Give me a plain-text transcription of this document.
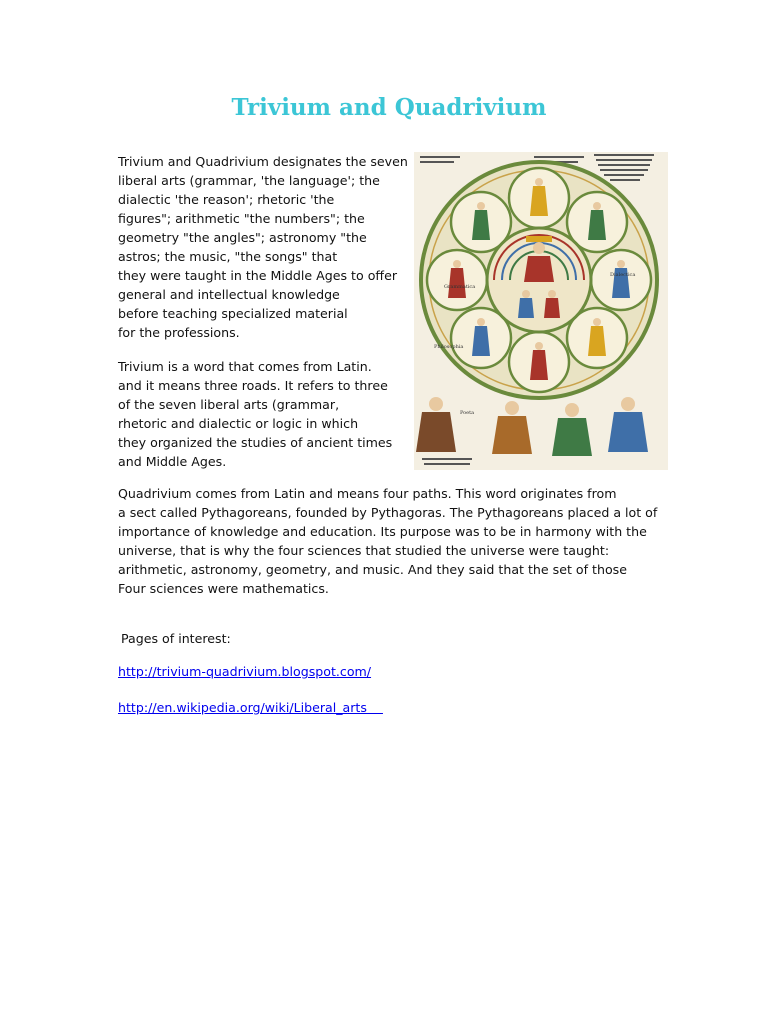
Trivium and Quadrivium
Trivium and Quadrivium designates the seven
liberal arts (grammar, 'the language'; the
dialectic 'the reason'; rhetoric 'the
figures"; arithmetic "the numbers"; the
geometry "the angles"; astronomy "the
astros; the music, "the songs" that
they were taught in the Middle Ages to offer
general and intellectual knowledge
before teaching specialized material
for the professions.
Trivium is a word that comes from Latin.
and it means three roads. It refers to three
of the seven liberal arts (grammar,
rhetoric and dialectic or logic in which
they organized the studies of ancient times
and Middle Ages.
Dialectica
Grammatica
Philosophia
Poeta
Quadrivium comes from Latin and means four paths. This word originates from
a sect called Pythagoreans, founded by Pythagoras. The Pythagoreans placed a lot of
importance of knowledge and education. Its purpose was to be in harmony with the
universe, that is why the four sciences that studied the universe were taught:
arithmetic, astronomy, geometry, and music. And they said that the set of those
Four sciences were mathematics.
Pages of interest:
http://trivium-quadrivium.blogspot.com/
http://en.wikipedia.org/wiki/Liberal_arts
